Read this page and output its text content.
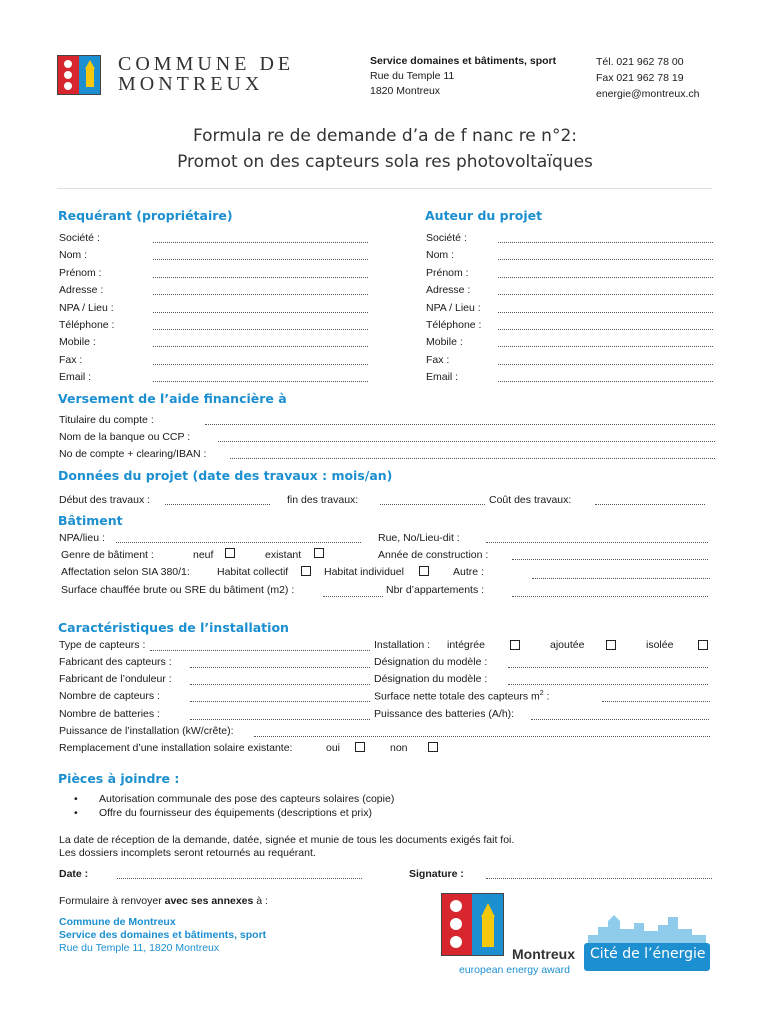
COMMUNE DE
MONTREUX
Service domaines et bâtiments, sport
Rue du Temple 11
1820 Montreux
Tél. 021 962 78 00
Fax 021 962 78 19
energie@montreux.ch
Formula re de demande d’a de f nanc re n°2:
Promot on des capteurs sola res photovoltaïques
Requérant (propriétaire)	Auteur du projet
Société :
Nom :
Prénom :
Adresse :
NPA / Lieu :
Téléphone :
Mobile :
Fax :
Email :
Société :
Nom :
Prénom :
Adresse :
NPA / Lieu :
Téléphone :
Mobile :
Fax :
Email :
Versement de l’aide financière à
Titulaire du compte :
Nom de la banque ou CCP :
No de compte + clearing/IBAN :
Données du projet (date des travaux : mois/an)
Début des travaux :	fin des travaux:	Coût des travaux:
Bâtiment
NPA/lieu :	Rue, No/Lieu-dit :
Genre de bâtiment :	neuf	existant	Année de construction :
Affectation selon SIA 380/1:	Habitat collectif	Habitat individuel	Autre :
Surface chauffée brute ou SRE du bâtiment (m2) :	Nbr d’appartements :
Caractéristiques de l’installation
Type de capteurs :	Installation : intégrée	ajoutée	isolée
Fabricant des capteurs :	Désignation du modèle :
Fabricant de l’onduleur :	Désignation du modèle :
Nombre de capteurs :	Surface nette totale des capteurs $m^2$ :
Nombre de batteries :	Puissance des batteries (A/h):
Puissance de l’installation (kW/crête):
Remplacement d’une installation solaire existante:	oui	non
Pièces à joindre :
• Autorisation communale des pose des capteurs solaires (copie)
• Offre du fournisseur des équipements (descriptions et prix)
La date de réception de la demande, datée, signée et munie de tous les documents exigés fait foi.
Les dossiers incomplets seront retournés au requérant.
Date :	Signature :
Formulaire à renvoyer avec ses annexes à :
Commune de Montreux
Service des domaines et bâtiments, sport
Rue du Temple 11, 1820 Montreux	Montreux
european energy award
Cité de l’énergie
